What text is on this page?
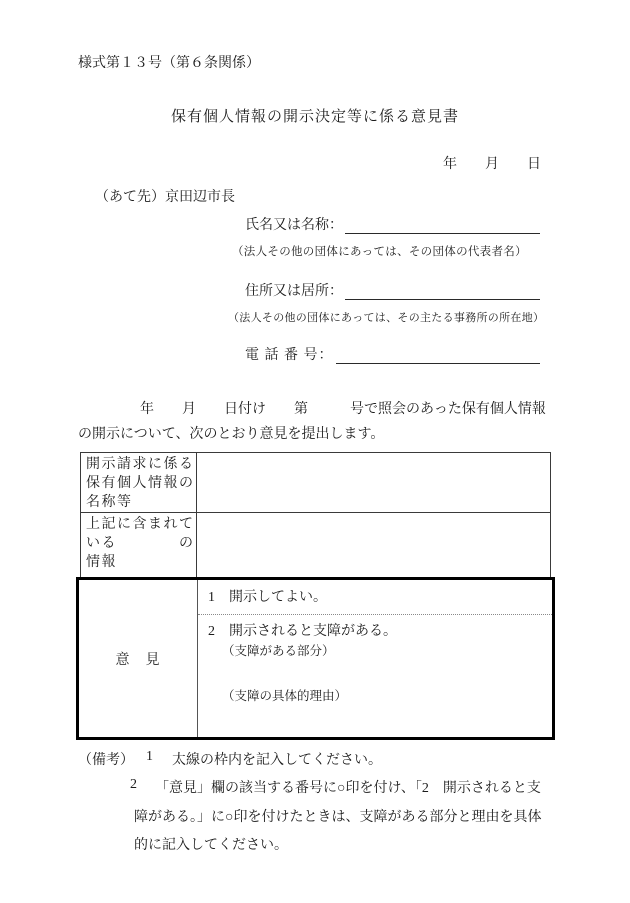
様式第１３号（第６条関係）
保有個人情報の開示決定等に係る意見書
年　　月　　日
（あて先）京田辺市長
氏名又は名称：
（法人その他の団体にあっては、その団体の代表者名）
住所又は居所：
（法人その他の団体にあっては、その主たる事務所の所在地）
電 話 番 号：
年　　月　　日付け　　第　　　号で照会のあった保有個人情報
の開示について、次のとおり意見を提出します。
開示請求に係る
保有個人情報の
名称等
上記に含まれて
いる　　　　の
情報
意　見
1　開示してよい。
2　開示されると支障がある。
（支障がある部分）
（支障の具体的理由）
（備考） 1 太線の枠内を記入してください。
2 「意見」欄の該当する番号に○印を付け、「2　開示されると支
障がある。」に○印を付けたときは、支障がある部分と理由を具体
的に記入してください。
